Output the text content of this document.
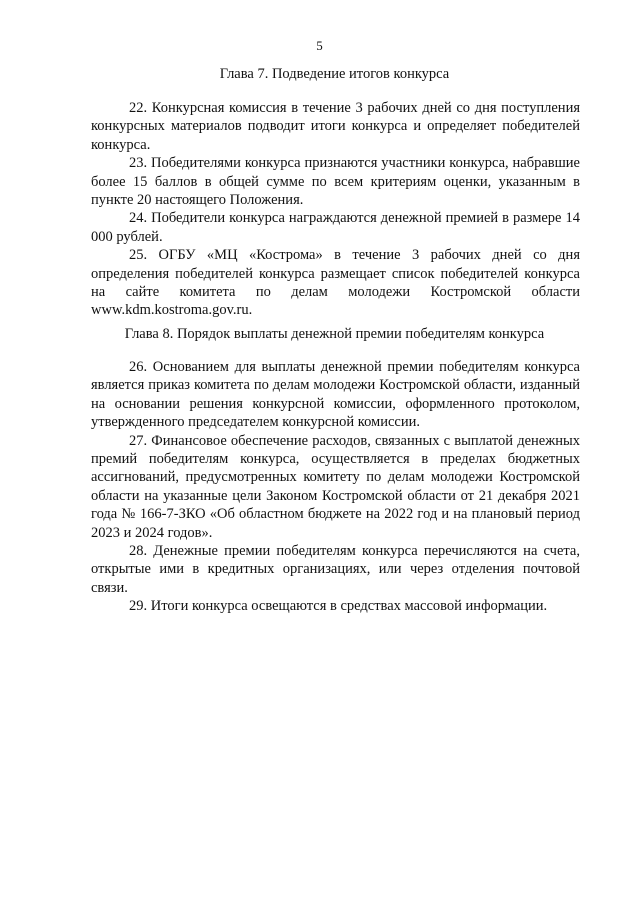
5
Глава 7. Подведение итогов конкурса

22. Конкурсная комиссия в течение 3 рабочих дней со дня поступления конкурсных материалов подводит итоги конкурса и определяет победителей конкурса.

23. Победителями конкурса признаются участники конкурса, набравшие более 15 баллов в общей сумме по всем критериям оценки, указанным в пункте 20 настоящего Положения.

24. Победители конкурса награждаются денежной премией в размере 14 000 рублей.

25. ОГБУ «МЦ «Кострома» в течение 3 рабочих дней со дня определения победителей конкурса размещает список победителей конкурса на сайте комитета по делам молодежи Костромской области www.kdm.kostroma.gov.ru.

Глава 8. Порядок выплаты денежной премии победителям конкурса

26. Основанием для выплаты денежной премии победителям конкурса является приказ комитета по делам молодежи Костромской области, изданный на основании решения конкурсной комиссии, оформленного протоколом, утвержденного председателем конкурсной комиссии.

27. Финансовое обеспечение расходов, связанных с выплатой денежных премий победителям конкурса, осуществляется в пределах бюджетных ассигнований, предусмотренных комитету по делам молодежи Костромской области на указанные цели Законом Костромской области от 21 декабря 2021 года № 166-7-ЗКО «Об областном бюджете на 2022 год и на плановый период 2023 и 2024 годов».

28. Денежные премии победителям конкурса перечисляются на счета, открытые ими в кредитных организациях, или через отделения почтовой связи.

29. Итоги конкурса освещаются в средствах массовой информации.
